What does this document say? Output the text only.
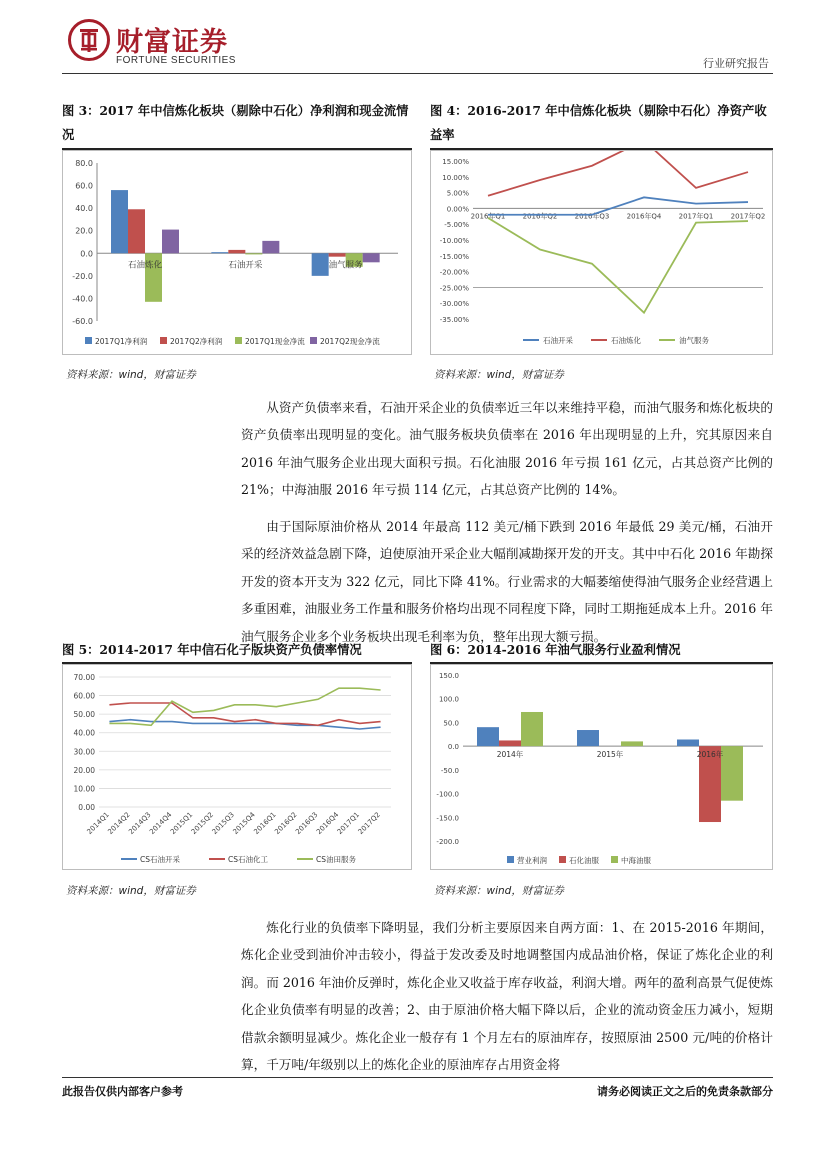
财富证券
FORTUNE SECURITIES	行业研究报告
图 3：2017 年中信炼化板块（剔除中石化）净利润和现金流情况
80.0
60.0
40.0
20.0
0.0
-20.0
-40.0
-60.0
石油炼化	石油开采	油气服务
2017Q1净利润	2017Q2净利润	2017Q1现金净流 2017Q2现金净流
资料来源：wind，财富证券
图 4：2016-2017 年中信炼化板块（剔除中石化）净资产收益率
15.00%
10.00%
5.00%
0.00%
-5.00%
-10.00%
-15.00%
-20.00%
-25.00%
-30.00%
-35.00%
2016年Q1 2016年Q2 2016年Q3 2016年Q4 2017年Q1 2017年Q2
石油开采	石油炼化	油气服务
资料来源：wind，财富证券
从资产负债率来看，石油开采企业的负债率近三年以来维持平稳，而油气服务和炼化板块的资产负债率出现明显的变化。油气服务板块负债率在 2016 年出现明显的上升，究其原因来自 2016 年油气服务企业出现大面积亏损。石化油服 2016 年亏损 161 亿元，占其总资产比例的 21%；中海油服 2016 年亏损 114 亿元，占其总资产比例的 14%。
由于国际原油价格从 2014 年最高 112 美元/桶下跌到 2016 年最低 29 美元/桶，石油开采的经济效益急剧下降，迫使原油开采企业大幅削减勘探开发的开支。其中中石化 2016 年勘探开发的资本开支为 322 亿元，同比下降 41%。行业需求的大幅萎缩使得油气服务企业经营遇上多重困难，油服业务工作量和服务价格均出现不同程度下降，同时工期拖延成本上升。2016 年油气服务企业多个业务板块出现毛利率为负，整年出现大额亏损。
图 5：2014-2017 年中信石化子版块资产负债率情况
70.00
60.00
50.00
40.00
30.00
20.00
10.00
0.00
2014Q1
2014Q2
2014Q3
2014Q4
2015Q1
2015Q2
2015Q3
2015Q4
2016Q1
2016Q2
2016Q3
2016Q4
2017Q1
2017Q2
CS石油开采	CS石油化工	CS油田服务
资料来源：wind，财富证券
图 6：2014-2016 年油气服务行业盈利情况
150.0
100.0
50.0
0.0
-50.0
-100.0
-150.0
-200.0
2014年	2015年	2016年
营业利润	石化油服	中海油服
资料来源：wind，财富证券
炼化行业的负债率下降明显，我们分析主要原因来自两方面：1、在 2015-2016 年期间，炼化企业受到油价冲击较小，得益于发改委及时地调整国内成品油价格，保证了炼化企业的利润。而 2016 年油价反弹时，炼化企业又收益于库存收益，利润大增。两年的盈利高景气促使炼化企业负债率有明显的改善；2、由于原油价格大幅下降以后，企业的流动资金压力减小，短期借款余额明显减少。炼化企业一般存有 1 个月左右的原油库存，按照原油 2500 元/吨的价格计算，千万吨/年级别以上的炼化企业的原油库存占用资金将
此报告仅供内部客户参考	请务必阅读正文之后的免责条款部分
